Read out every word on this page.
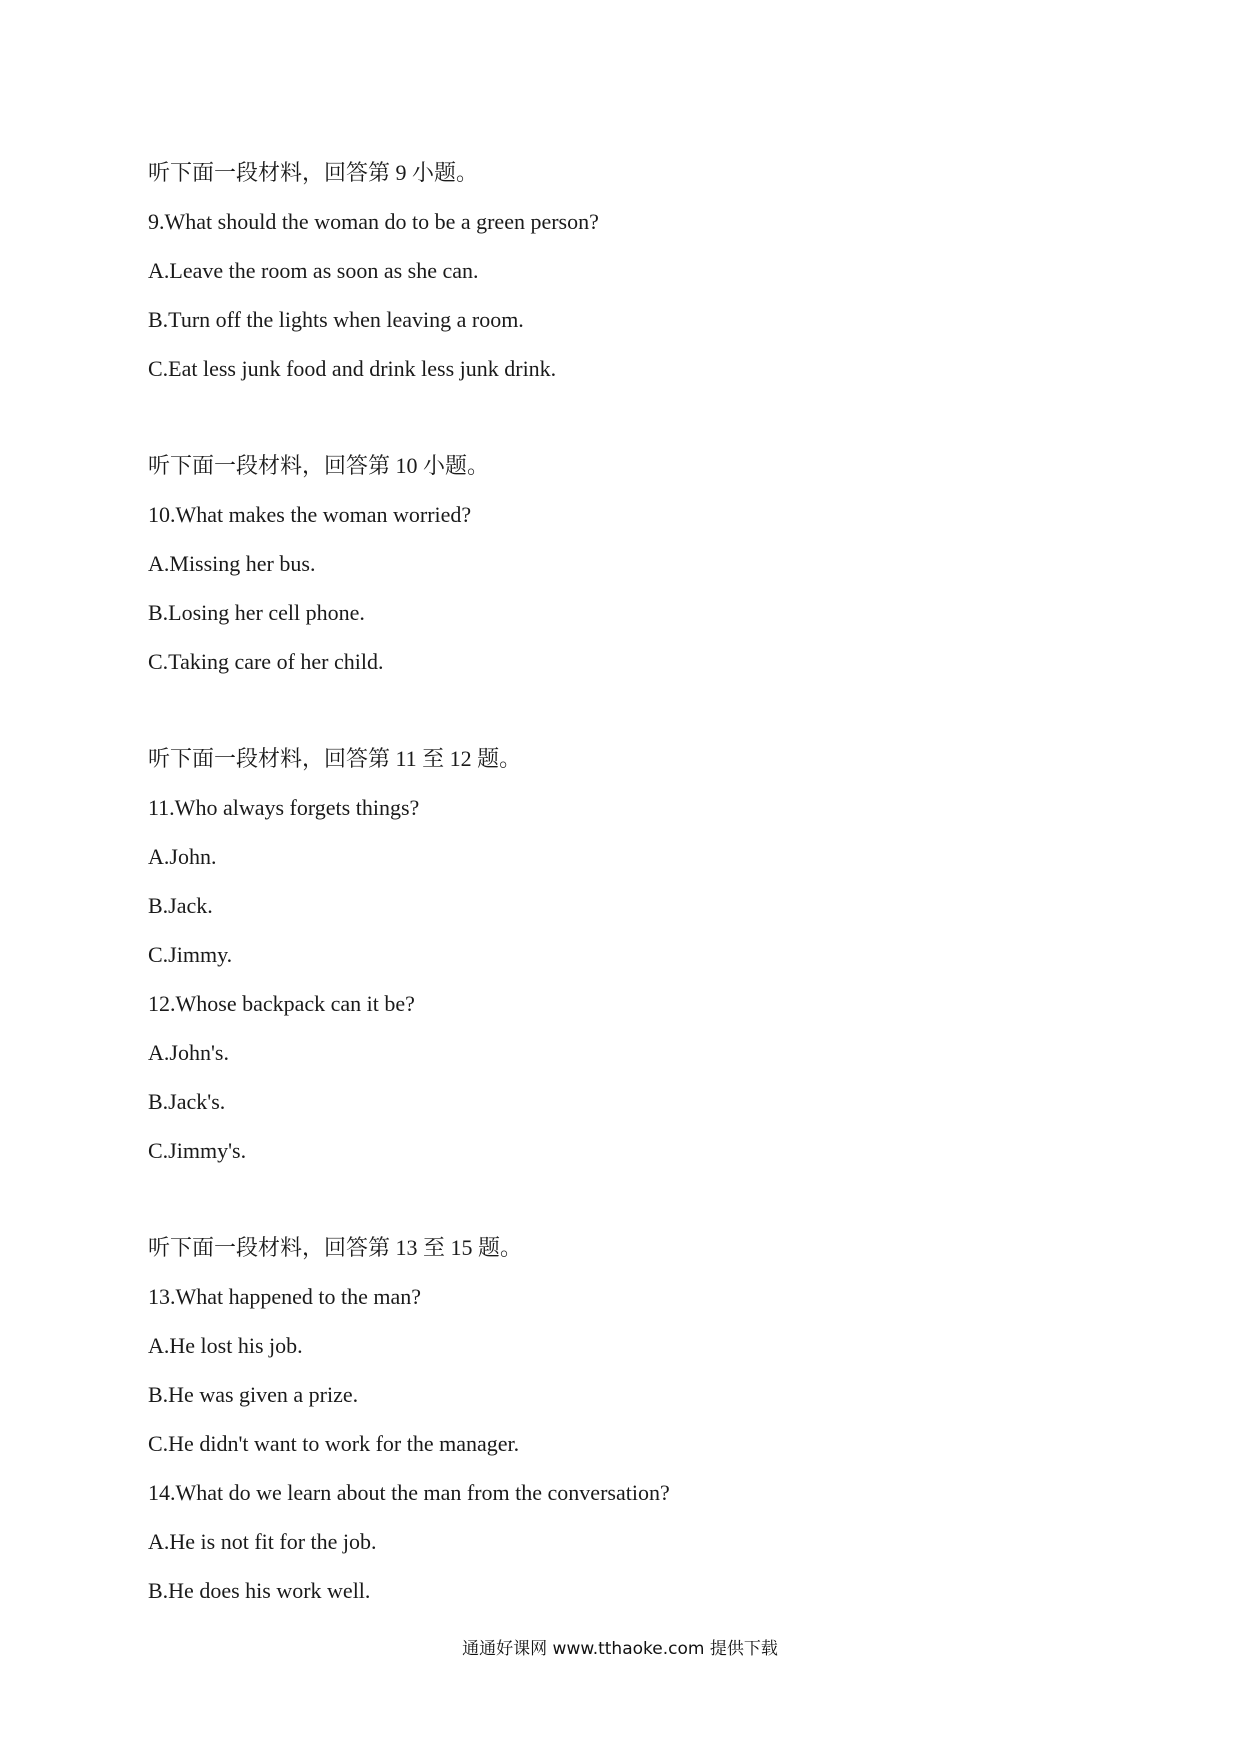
听下面一段材料，回答第 9 小题。
9.What should the woman do to be a green person?
A.Leave the room as soon as she can.
B.Turn off the lights when leaving a room.
C.Eat less junk food and drink less junk drink.
听下面一段材料，回答第 10 小题。
10.What makes the woman worried?
A.Missing her bus.
B.Losing her cell phone.
C.Taking care of her child.
听下面一段材料，回答第 11 至 12 题。
11.Who always forgets things?
A.John.
B.Jack.
C.Jimmy.
12.Whose backpack can it be?
A.John's.
B.Jack's.
C.Jimmy's.
听下面一段材料，回答第 13 至 15 题。
13.What happened to the man?
A.He lost his job.
B.He was given a prize.
C.He didn't want to work for the manager.
14.What do we learn about the man from the conversation?
A.He is not fit for the job.
B.He does his work well.
通通好课网 www.tthaoke.com 提供下载
